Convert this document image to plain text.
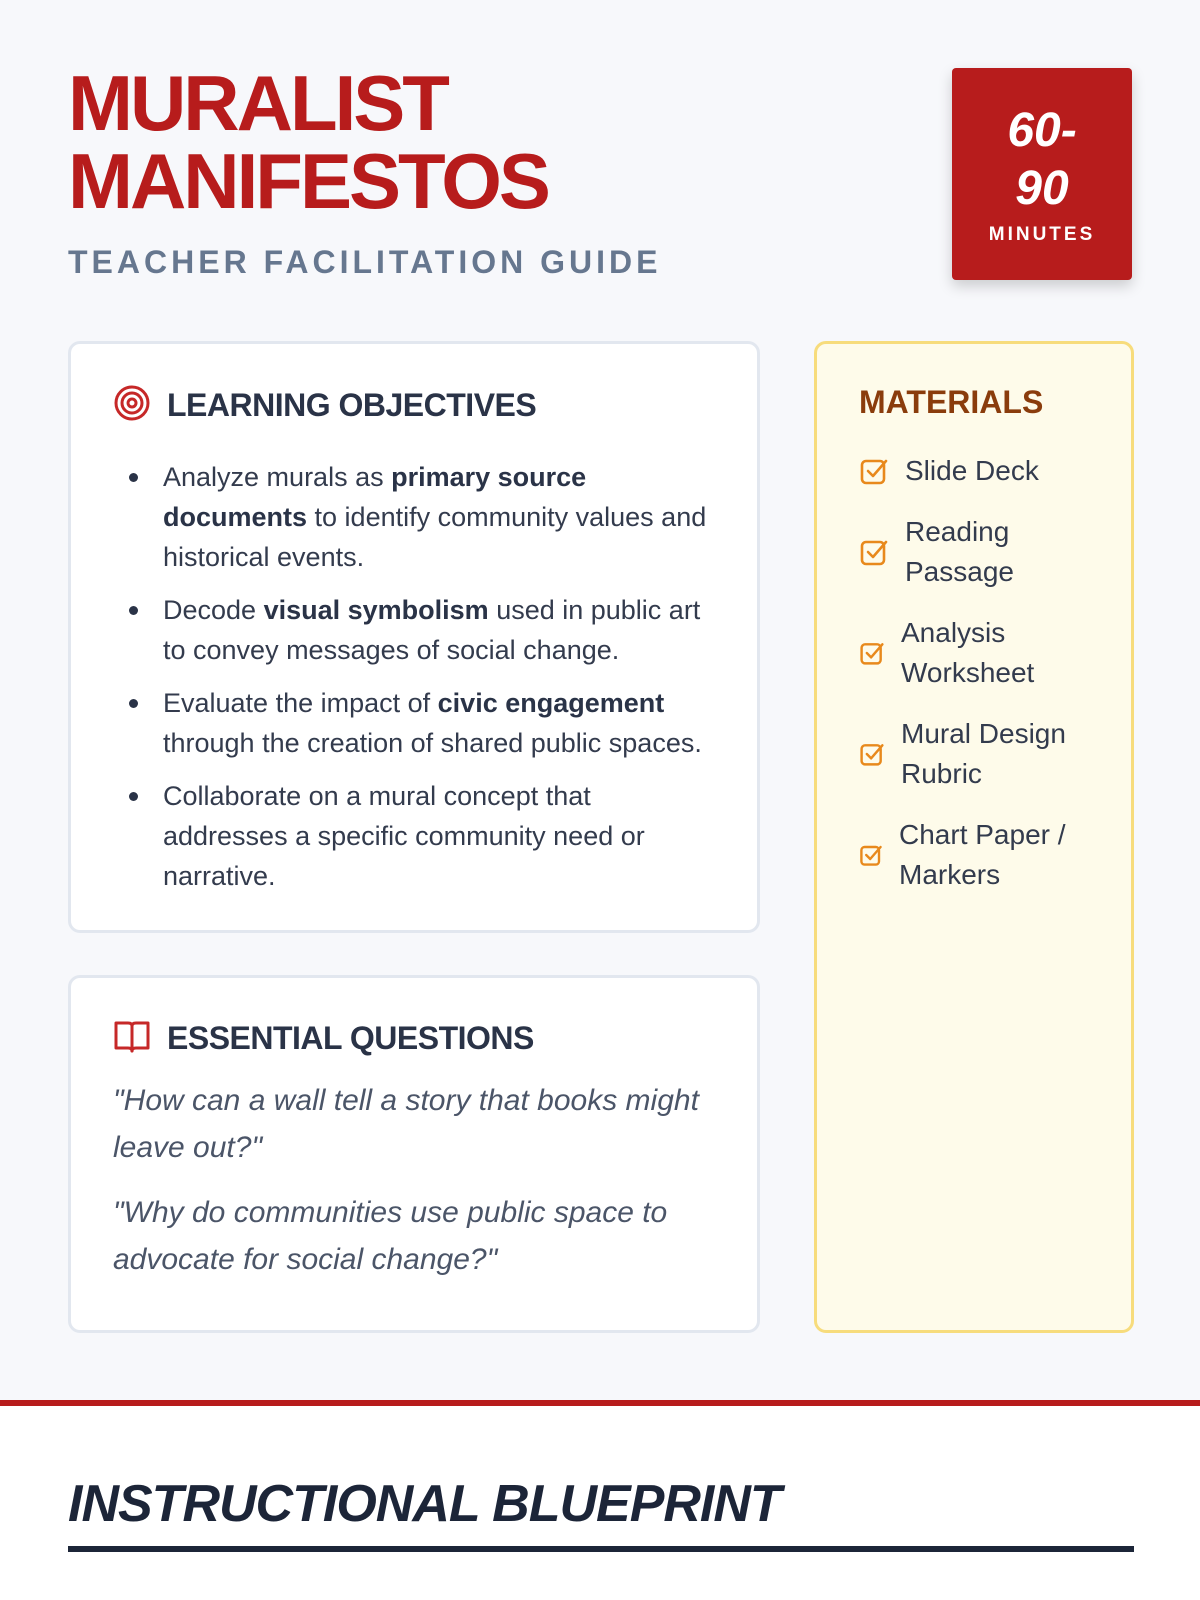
MURALIST
MANIFESTOS
TEACHER FACILITATION GUIDE
60-90
MINUTES
LEARNING OBJECTIVES
Analyze murals as primary source documents to identify community values and historical events.
Decode visual symbolism used in public art to convey messages of social change.
Evaluate the impact of civic engagement through the creation of shared public spaces.
Collaborate on a mural concept that addresses a specific community need or narrative.
ESSENTIAL QUESTIONS

"How can a wall tell a story that books might leave out?"

"Why do communities use public space to advocate for social change?"

MATERIALS
Slide Deck
Reading Passage
Analysis Worksheet
Mural Design Rubric
Chart Paper / Markers
INSTRUCTIONAL BLUEPRINT
